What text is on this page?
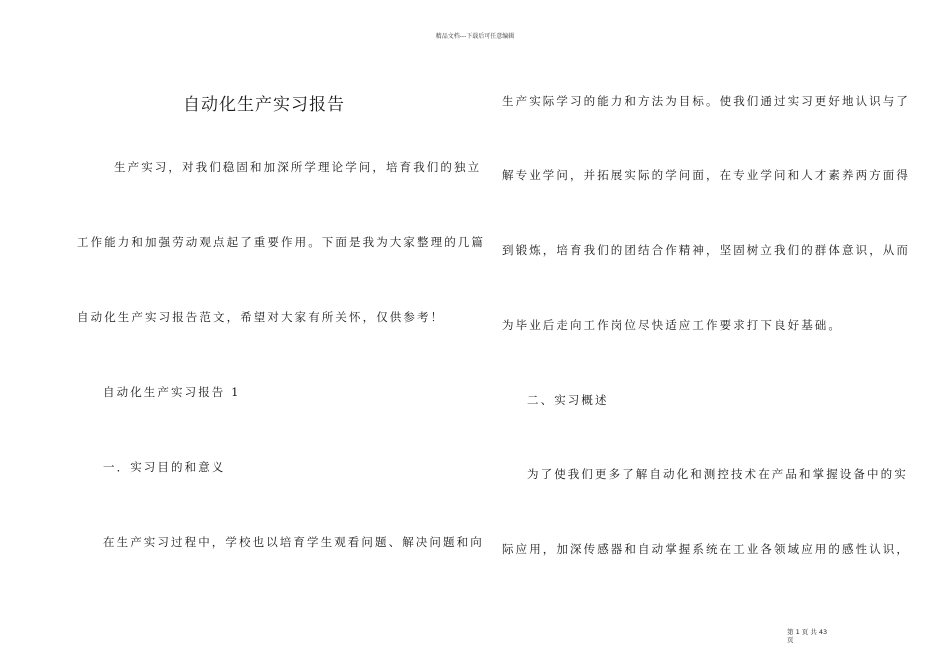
精品文档---下载后可任意编辑
自动化生产实习报告
生产实习，对我们稳固和加深所学理论学问，培育我们的独立
工作能力和加强劳动观点起了重要作用。下面是我为大家整理的几篇
自动化生产实习报告范文，希望对大家有所关怀，仅供参考！
自动化生产实习报告 1
一．实习目的和意义
在生产实习过程中，学校也以培育学生观看问题、解决问题和向
生产实际学习的能力和方法为目标。使我们通过实习更好地认识与了
解专业学问，并拓展实际的学问面，在专业学问和人才素养两方面得
到锻炼，培育我们的团结合作精神，坚固树立我们的群体意识，从而
为毕业后走向工作岗位尽快适应工作要求打下良好基础。
二、实习概述
为了使我们更多了解自动化和测控技术在产品和掌握设备中的实
际应用，加深传感器和自动掌握系统在工业各领域应用的感性认识，
第 1 页 共 43
页
